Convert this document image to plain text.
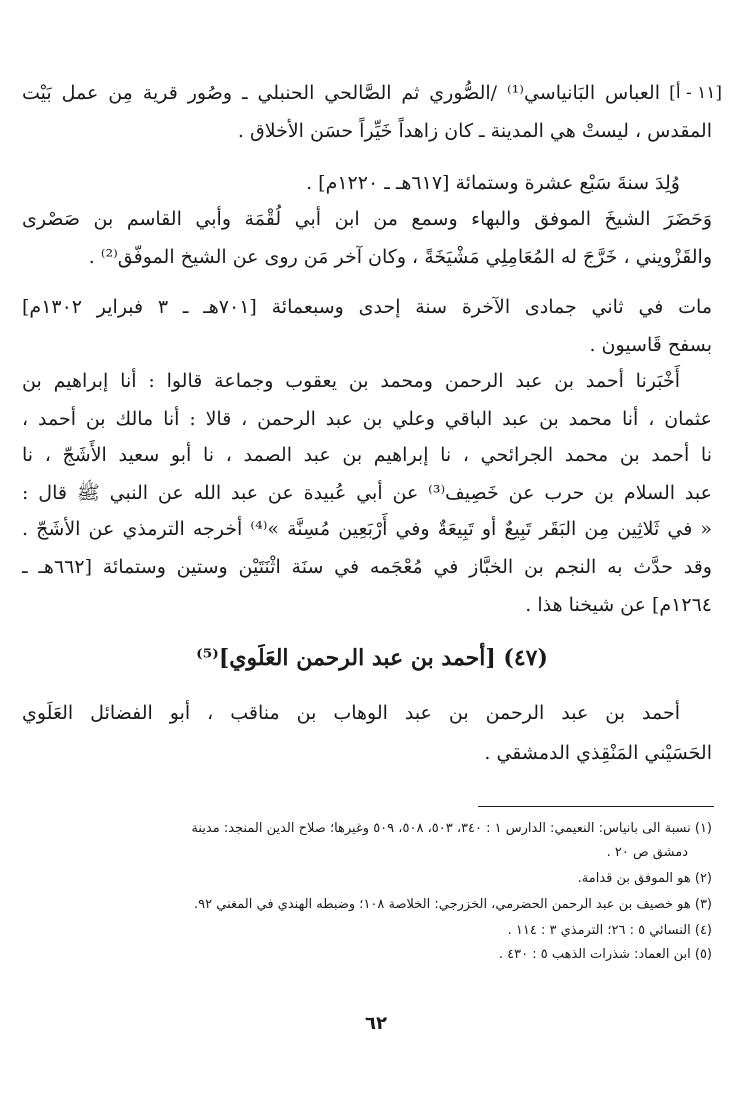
[١١ - أ]
العباس البَانياسي⁽¹⁾ /الصُّوري ثم الصَّالحي الحنبلي ـ وصُور قرية مِن عمل بَيْت
المقدس ، ليستْ هي المدينة ـ كان زاهداً خَيِّراً حسَن الأخلاق .
وُلِدَ سنةَ سَبْع عشرة وستمائة [٦١٧هـ ـ ١٢٢٠م] .
وَحَضَرَ الشيخَ الموفق والبهاء وسمع من ابن أبي لُقْمَة وأبي القاسم بن صَصْرى
والقَزْويني ، خَرَّجَ له المُعَامِلِي مَشْيَخَةً ، وكان آخر مَن روى عن الشيخ الموفّق⁽²⁾ .
مات في ثاني جمادى الآخرة سنة إحدى وسبعمائة [٧٠١هـ ـ ٣ فبراير ١٣٠٢م]
بسفح قَاسيون .
أَخْبَرنا أحمد بن عبد الرحمن ومحمد بن يعقوب وجماعة قالوا : أنا إبراهيم بن
عثمان ، أنا محمد بن عبد الباقي وعلي بن عبد الرحمن ، قالا : أنا مالك بن أحمد ،
نا أحمد بن محمد الجرائحي ، نا إبراهيم بن عبد الصمد ، نا أبو سعيد الأَشَجّ ، نا
عبد السلام بن حرب عن خَصِيف⁽³⁾ عن أبي عُبيدة عن عبد الله عن النبي ﷺ قال :
« في ثَلاثِين مِن البَقَر تَبِيعٌ أو تَبِيعَةٌ وفي أَرْبَعِين مُسِنَّة »⁽⁴⁾ أخرجه الترمذي عن الأشَجّ .
وقد حدَّث به النجم بن الخبَّاز في مُعْجَمه في سنَة اثْنَتَيْن وستين وستمائة [٦٦٢هـ ـ
١٢٦٤م] عن شيخنا هذا .
(٤٧) [أحمد بن عبد الرحمن العَلَوي]⁽⁵⁾
أحمد بن عبد الرحمن بن عبد الوهاب بن مناقب ، أبو الفضائل العَلَوي
الحَسَيْني المَنْقِذي الدمشقي .
(١) نسبة الى بانياس: النعيمي: الدارس ١ : ٣٤٠، ٥٠٣، ٥٠٨، ٥٠٩ وغيرها؛ صلاح الدين المنجد: مدينة
دمشق ص ٢٠ .
(٢) هو الموفق بن قدامة.
(٣) هو خصيف بن عبد الرحمن الحضرمي، الخزرجي: الخلاصة ١٠٨؛ وضبطه الهندي في المغني ٩٢.
(٤) النسائي ٥ : ٢٦؛ الترمذي ٣ : ١١٤ .
(٥) ابن العماد: شذرات الذهب ٥ : ٤٣٠ .
٦٢
